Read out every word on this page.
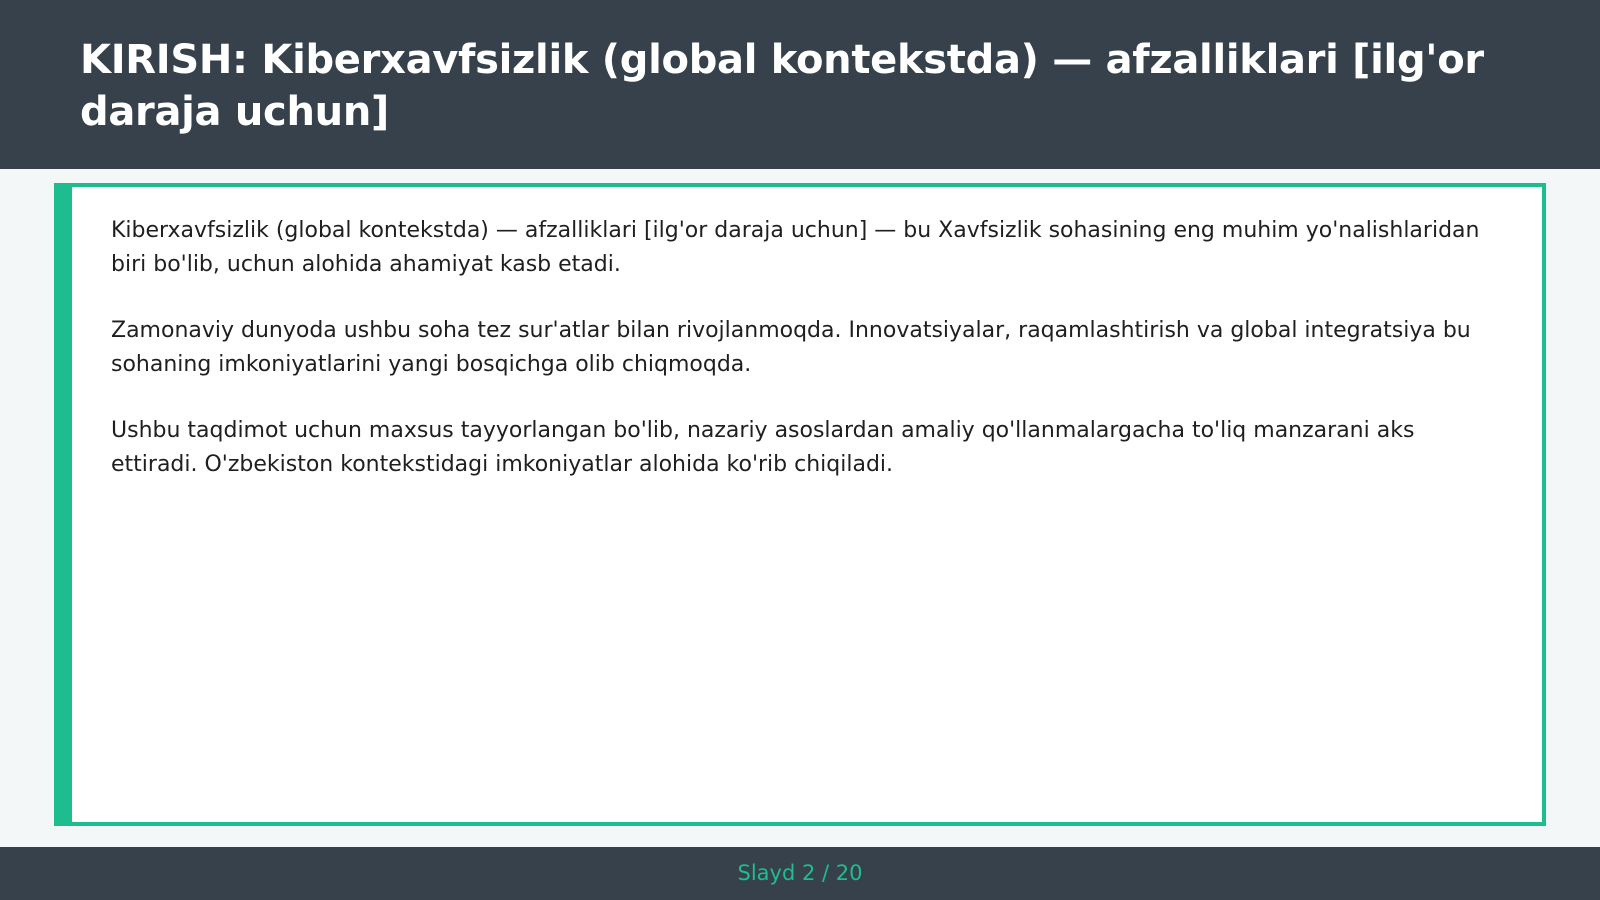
KIRISH: Kiberxavfsizlik (global kontekstda) — afzalliklari [ilg'or daraja uchun]

Kiberxavfsizlik (global kontekstda) — afzalliklari [ilg'or daraja uchun] — bu Xavfsizlik sohasining eng muhim yo'nalishlaridan biri bo'lib, uchun alohida ahamiyat kasb etadi.

Zamonaviy dunyoda ushbu soha tez sur'atlar bilan rivojlanmoqda. Innovatsiyalar, raqamlashtirish va global integratsiya bu sohaning imkoniyatlarini yangi bosqichga olib chiqmoqda.

Ushbu taqdimot uchun maxsus tayyorlangan bo'lib, nazariy asoslardan amaliy qo'llanmalargacha to'liq manzarani aks ettiradi. O'zbekiston kontekstidagi imkoniyatlar alohida ko'rib chiqiladi.

Slayd 2 / 20
